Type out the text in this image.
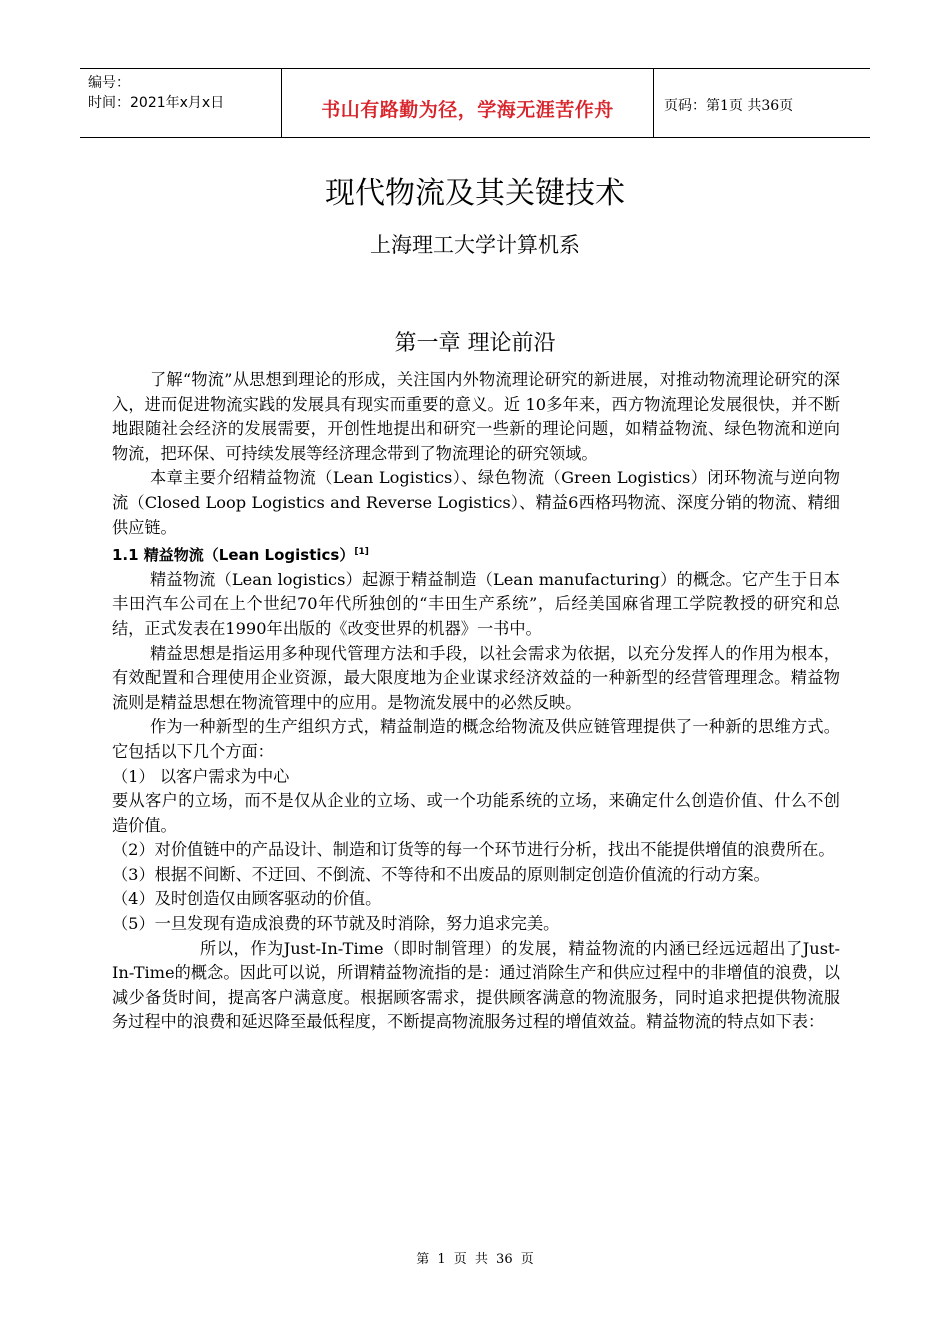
编号：
时间：2021年x月x日	书山有路勤为径，学海无涯苦作舟	页码：第1页 共36页
现代物流及其关键技术
上海理工大学计算机系
第一章 理论前沿

了解“物流”从思想到理论的形成，关注国内外物流理论研究的新进展，对推动物流理论研究的深入，进而促进物流实践的发展具有现实而重要的意义。近 10多年来，西方物流理论发展很快，并不断地跟随社会经济的发展需要，开创性地提出和研究一些新的理论问题，如精益物流、绿色物流和逆向物流，把环保、可持续发展等经济理念带到了物流理论的研究领域。

本章主要介绍精益物流（Lean Logistics）、绿色物流（Green Logistics）闭环物流与逆向物流（Closed Loop Logistics and Reverse Logistics）、精益6西格玛物流、深度分销的物流、精细供应链。

1.1 精益物流（Lean Logistics）[1]

精益物流（Lean logistics）起源于精益制造（Lean manufacturing）的概念。它产生于日本丰田汽车公司在上个世纪70年代所独创的“丰田生产系统”，后经美国麻省理工学院教授的研究和总结，正式发表在1990年出版的《改变世界的机器》一书中。

精益思想是指运用多种现代管理方法和手段，以社会需求为依据，以充分发挥人的作用为根本，有效配置和合理使用企业资源，最大限度地为企业谋求经济效益的一种新型的经营管理理念。精益物流则是精益思想在物流管理中的应用。是物流发展中的必然反映。

作为一种新型的生产组织方式，精益制造的概念给物流及供应链管理提供了一种新的思维方式。它包括以下几个方面：

（1） 以客户需求为中心

要从客户的立场，而不是仅从企业的立场、或一个功能系统的立场，来确定什么创造价值、什么不创造价值。

（2）对价值链中的产品设计、制造和订货等的每一个环节进行分析，找出不能提供增值的浪费所在。

（3）根据不间断、不迂回、不倒流、不等待和不出废品的原则制定创造价值流的行动方案。

（4）及时创造仅由顾客驱动的价值。

（5）一旦发现有造成浪费的环节就及时消除，努力追求完美。

所以，作为Just-In-Time（即时制管理）的发展，精益物流的内涵已经远远超出了Just-In-Time的概念。因此可以说，所谓精益物流指的是：通过消除生产和供应过程中的非增值的浪费，以减少备货时间，提高客户满意度。根据顾客需求，提供顾客满意的物流服务，同时追求把提供物流服务过程中的浪费和延迟降至最低程度，不断提高物流服务过程的增值效益。精益物流的特点如下表：

第 1 页 共 36 页
